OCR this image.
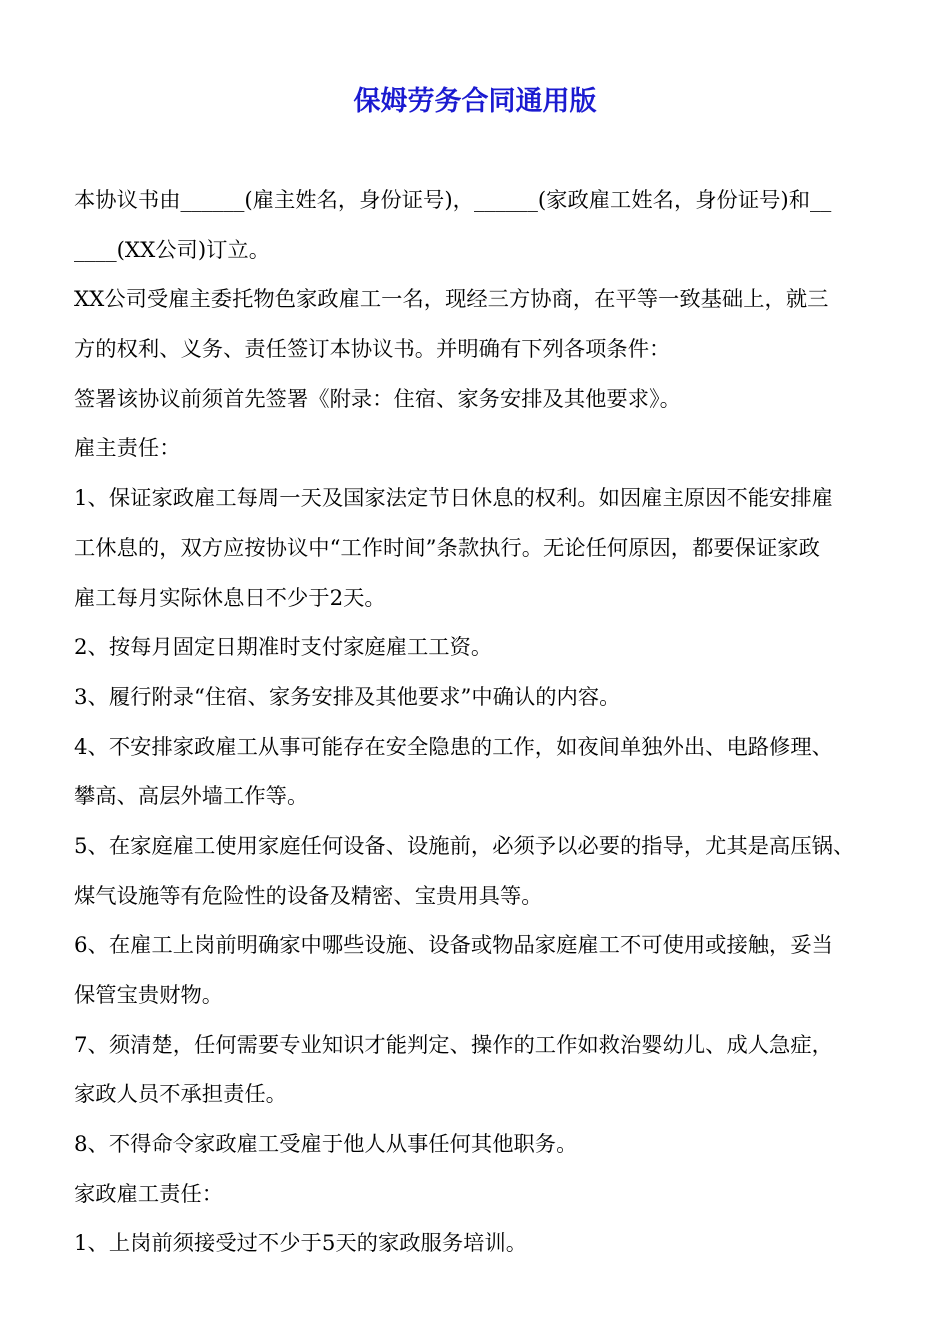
保姆劳务合同通用版

本协议书由______(雇主姓名，身份证号)，______(家政雇工姓名，身份证号)和__

____(XX公司)订立。

XX公司受雇主委托物色家政雇工一名，现经三方协商，在平等一致基础上，就三

方的权利、义务、责任签订本协议书。并明确有下列各项条件：

签署该协议前须首先签署《附录：住宿、家务安排及其他要求》。

雇主责任：

1、保证家政雇工每周一天及国家法定节日休息的权利。如因雇主原因不能安排雇

工休息的，双方应按协议中“工作时间”条款执行。无论任何原因，都要保证家政

雇工每月实际休息日不少于2天。

2、按每月固定日期准时支付家庭雇工工资。

3、履行附录“住宿、家务安排及其他要求”中确认的内容。

4、不安排家政雇工从事可能存在安全隐患的工作，如夜间单独外出、电路修理、

攀高、高层外墙工作等。

5、在家庭雇工使用家庭任何设备、设施前，必须予以必要的指导，尤其是高压锅、

煤气设施等有危险性的设备及精密、宝贵用具等。

6、在雇工上岗前明确家中哪些设施、设备或物品家庭雇工不可使用或接触，妥当

保管宝贵财物。

7、须清楚，任何需要专业知识才能判定、操作的工作如救治婴幼儿、成人急症，

家政人员不承担责任。

8、不得命令家政雇工受雇于他人从事任何其他职务。

家政雇工责任：

1、上岗前须接受过不少于5天的家政服务培训。
